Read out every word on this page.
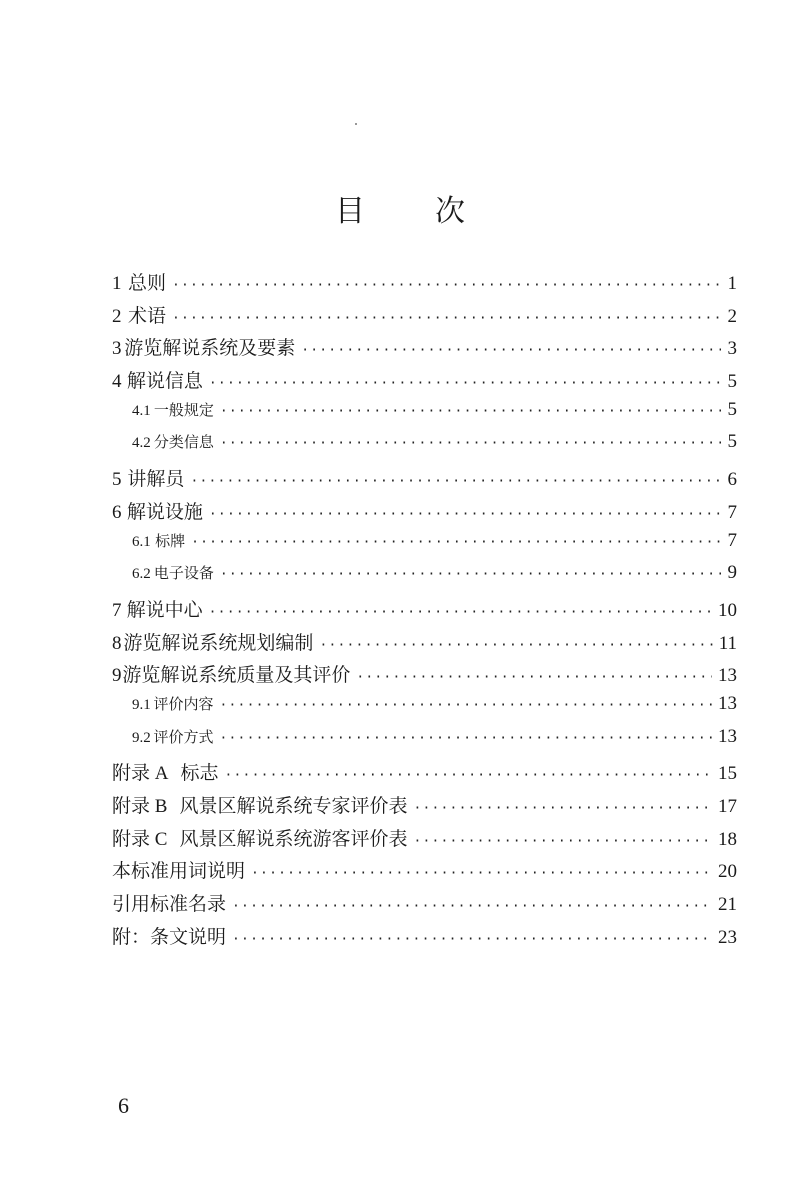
目 次
1 总则 ·····	1
2 术语 ·····	2
3 游览解说系统及要素 ·····	3
4 解说信息 ·····	5
4.1 一般规定 ·····	5
4.2 分类信息 ·····	5
5 讲解员 ·····	6
6 解说设施 ·····	7
6.1 标牌 ·····	7
6.2 电子设备 ·····	9
7 解说中心 ·····	10
8 游览解说系统规划编制 ·····	11
9 游览解说系统质量及其评价 ·····	13
9.1 评价内容 ·····	13
9.2 评价方式 ·····	13
附录 A 标志 ·····	15
附录 B 风景区解说系统专家评价表 ·····	17
附录 C 风景区解说系统游客评价表 ·····	18
本标准用词说明 ·····	20
引用标准名录 ·····	21
附：条文说明 ·····	23
6
